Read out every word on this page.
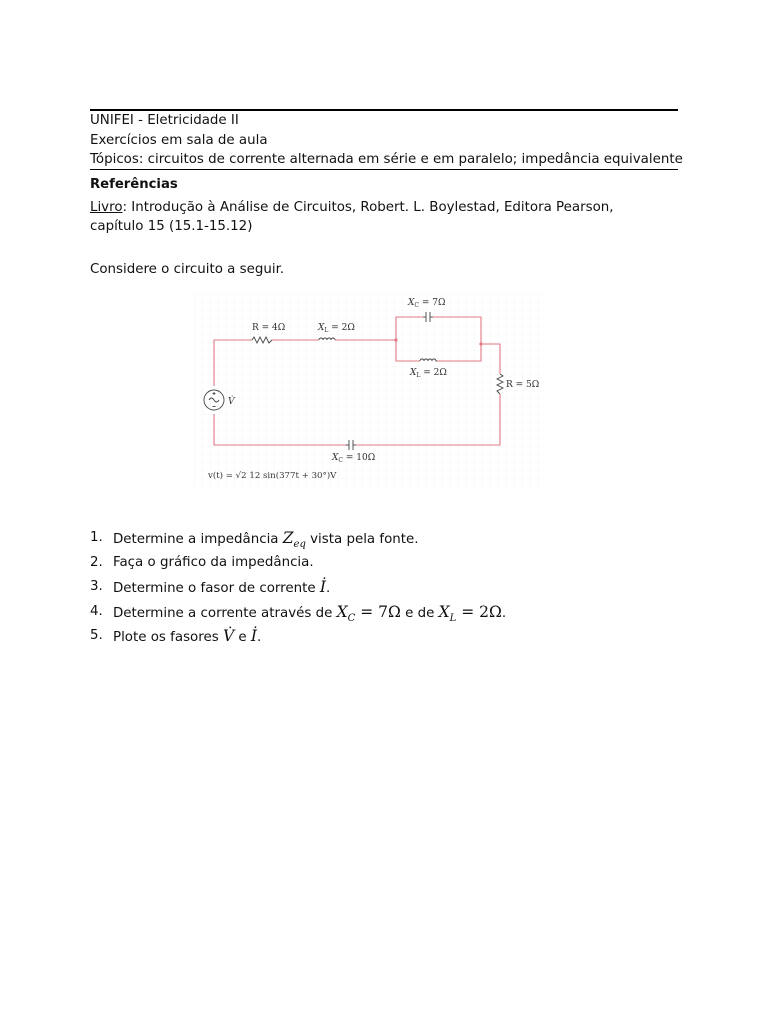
UNIFEI - Eletricidade II
Exercícios em sala de aula
Tópicos: circuitos de corrente alternada em série e em paralelo; impedância equivalente
Referências
Livro: Introdução à Análise de Circuitos, Robert. L. Boylestad, Editora Pearson, capítulo 15 (15.1-15.12)
Considere o circuito a seguir.
R = 4Ω	$X_L = 2\Omega$
$X_C = 7\Omega$
$X_L = 2\Omega$
R = 5Ω
$X_C = 10\Omega$
V̇
v(t) = √2 12 sin(377t + 30°)V
1. Determine a impedância $Z_{eq}$ vista pela fonte.
2. Faça o gráfico da impedância.
3. Determine o fasor de corrente İ.
4. Determine a corrente através de $X_C = 7\Omega$ e de $X_L = 2\Omega$.
5. Plote os fasores V̇ e İ.
